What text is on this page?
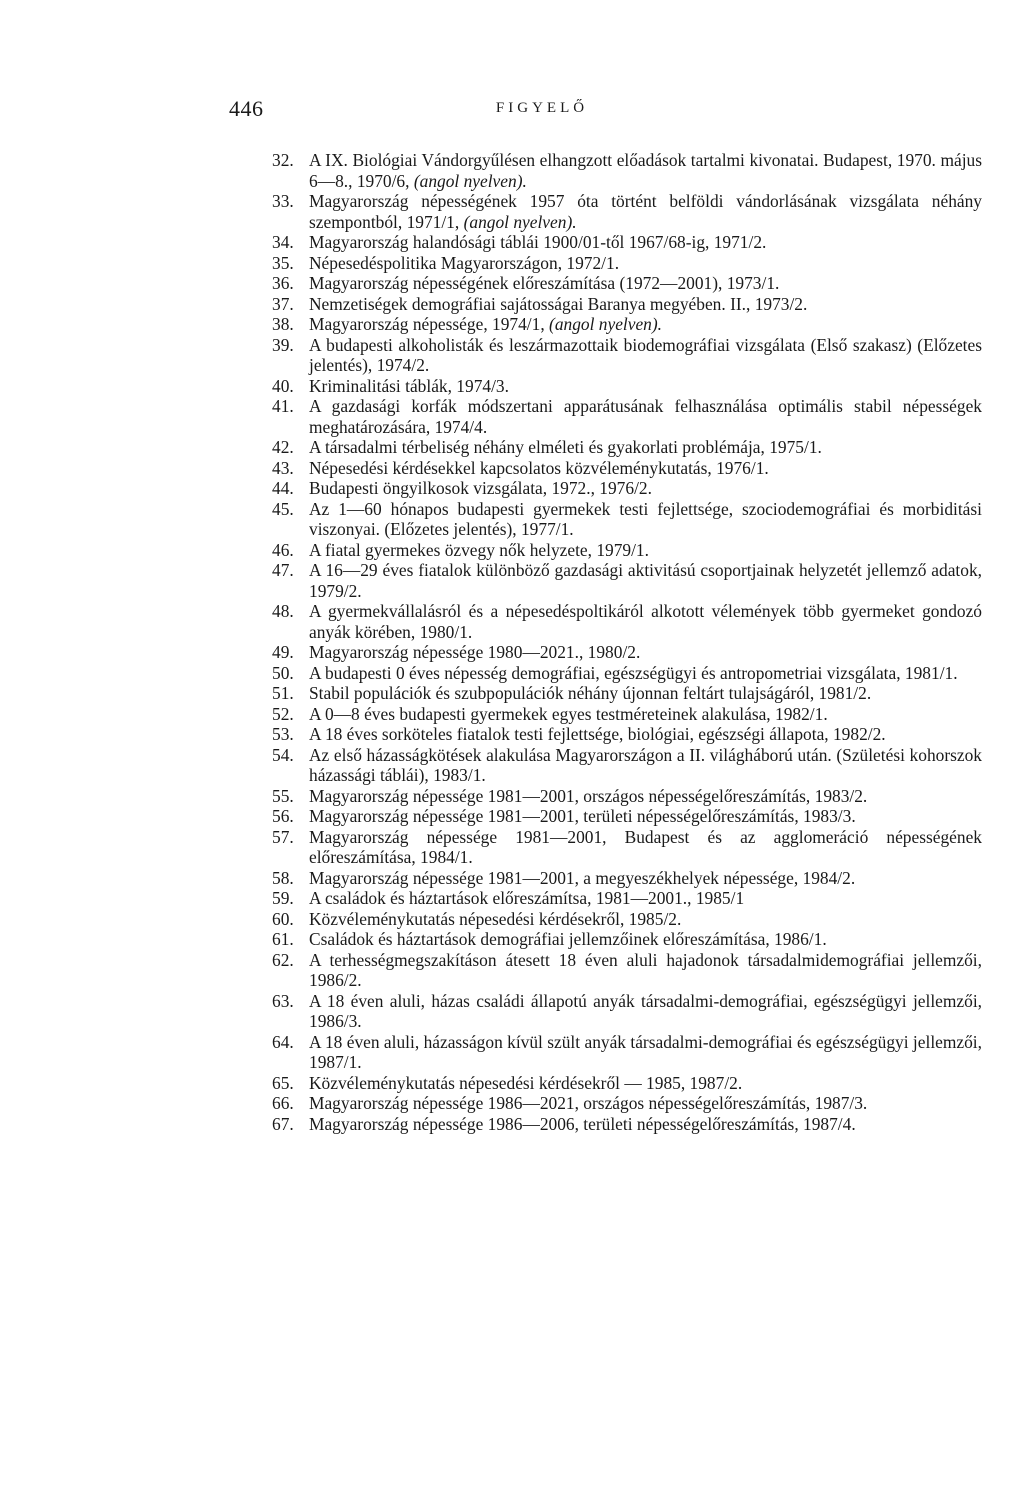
446	FIGYELŐ
32. A IX. Biológiai Vándorgyűlésen elhangzott előadások tartalmi kivonatai. Budapest, 1970. május 6—8., 1970/6, (angol nyelven).
33. Magyarország népességének 1957 óta történt belföldi vándorlásának vizsgálata néhány szempontból, 1971/1, (angol nyelven).
34. Magyarország halandósági táblái 1900/01-től 1967/68-ig, 1971/2.
35. Népesedéspolitika Magyarországon, 1972/1.
36. Magyarország népességének előreszámítása (1972—2001), 1973/1.
37. Nemzetiségek demográfiai sajátosságai Baranya megyében. II., 1973/2.
38. Magyarország népessége, 1974/1, (angol nyelven).
39. A budapesti alkoholisták és leszármazottaik biodemográfiai vizsgálata (Első szakasz) (Előzetes jelentés), 1974/2.
40. Kriminalitási táblák, 1974/3.
41. A gazdasági korfák módszertani apparátusának felhasználása optimális stabil népességek meghatározására, 1974/4.
42. A társadalmi térbeliség néhány elméleti és gyakorlati problémája, 1975/1.
43. Népesedési kérdésekkel kapcsolatos közvéleménykutatás, 1976/1.
44. Budapesti öngyilkosok vizsgálata, 1972., 1976/2.
45. Az 1—60 hónapos budapesti gyermekek testi fejlettsége, szociodemográfiai és morbiditási viszonyai. (Előzetes jelentés), 1977/1.
46. A fiatal gyermekes özvegy nők helyzete, 1979/1.
47. A 16—29 éves fiatalok különböző gazdasági aktivitású csoportjainak helyzetét jellemző adatok, 1979/2.
48. A gyermekvállalásról és a népesedéspoltikáról alkotott vélemények több gyermeket gondozó anyák körében, 1980/1.
49. Magyarország népessége 1980—2021., 1980/2.
50. A budapesti 0 éves népesség demográfiai, egészségügyi és antropometriai vizsgálata, 1981/1.
51. Stabil populációk és szubpopulációk néhány újonnan feltárt tulajságáról, 1981/2.
52. A 0—8 éves budapesti gyermekek egyes testméreteinek alakulása, 1982/1.
53. A 18 éves sorköteles fiatalok testi fejlettsége, biológiai, egészségi állapota, 1982/2.
54. Az első házasságkötések alakulása Magyarországon a II. világháború után. (Születési kohorszok házassági táblái), 1983/1.
55. Magyarország népessége 1981—2001, országos népességelőreszámítás, 1983/2.
56. Magyarország népessége 1981—2001, területi népességelőreszámítás, 1983/3.
57. Magyarország népessége 1981—2001, Budapest és az agglomeráció népességének előreszámítása, 1984/1.
58. Magyarország népessége 1981—2001, a megyeszékhelyek népessége, 1984/2.
59. A családok és háztartások előreszámítsa, 1981—2001., 1985/1
60. Közvéleménykutatás népesedési kérdésekről, 1985/2.
61. Családok és háztartások demográfiai jellemzőinek előreszámítása, 1986/1.
62. A terhességmegszakításon átesett 18 éven aluli hajadonok társadalmidemográfiai jellemzői, 1986/2.
63. A 18 éven aluli, házas családi állapotú anyák társadalmi-demográfiai, egészségügyi jellemzői, 1986/3.
64. A 18 éven aluli, házasságon kívül szült anyák társadalmi-demográfiai és egészségügyi jellemzői, 1987/1.
65. Közvéleménykutatás népesedési kérdésekről — 1985, 1987/2.
66. Magyarország népessége 1986—2021, országos népességelőreszámítás, 1987/3.
67. Magyarország népessége 1986—2006, területi népességelőreszámítás, 1987/4.
